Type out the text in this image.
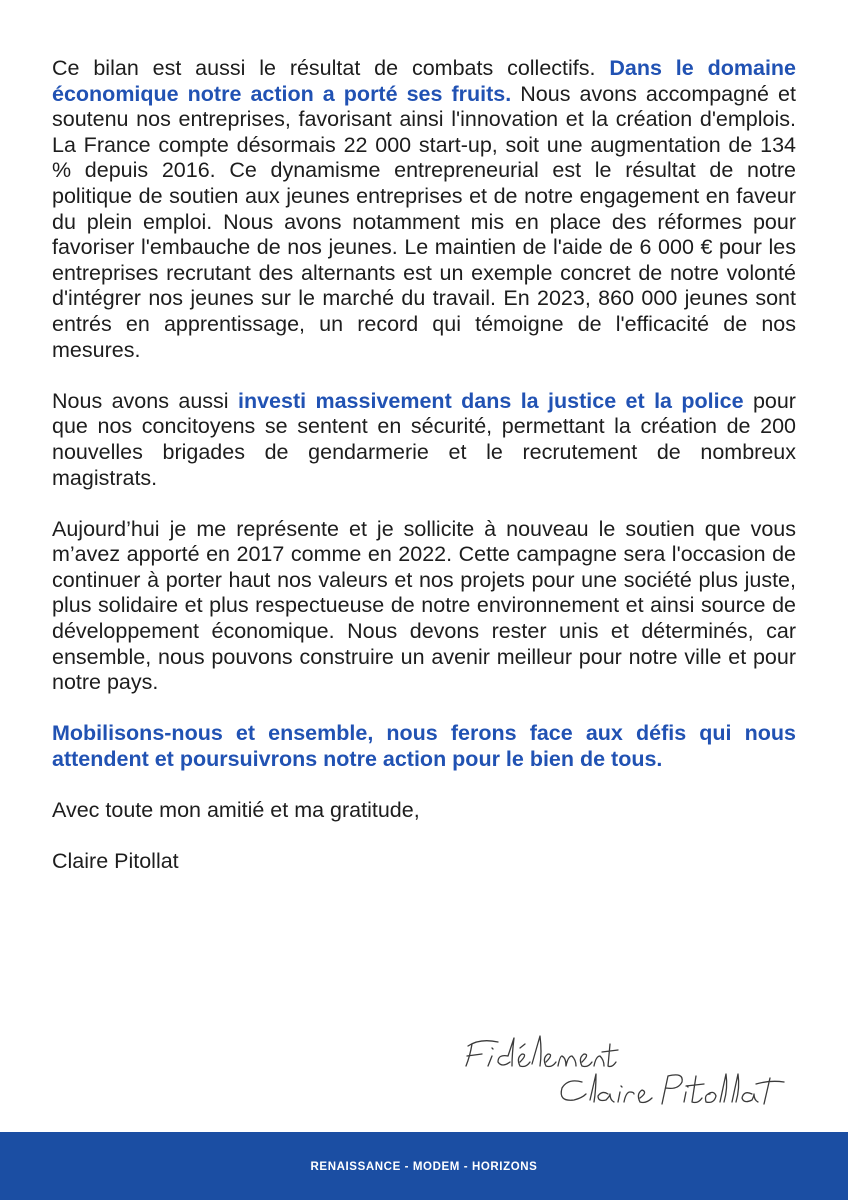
Ce bilan est aussi le résultat de combats collectifs. Dans le domaine économique notre action a porté ses fruits. Nous avons accompagné et soutenu nos entreprises, favorisant ainsi l'innovation et la création d'emplois. La France compte désormais 22 000 start-up, soit une augmentation de 134 % depuis 2016. Ce dynamisme entrepreneurial est le résultat de notre politique de soutien aux jeunes entreprises et de notre engagement en faveur du plein emploi. Nous avons notamment mis en place des réformes pour favoriser l'embauche de nos jeunes. Le maintien de l'aide de 6 000 € pour les entreprises recrutant des alternants est un exemple concret de notre volonté d'intégrer nos jeunes sur le marché du travail. En 2023, 860 000 jeunes sont entrés en apprentissage, un record qui témoigne de l'efficacité de nos mesures.

Nous avons aussi investi massivement dans la justice et la police pour que nos concitoyens se sentent en sécurité, permettant la création de 200 nouvelles brigades de gendarmerie et le recrutement de nombreux magistrats.

Aujourd’hui je me représente et je sollicite à nouveau le soutien que vous m’avez apporté en 2017 comme en 2022. Cette campagne sera l'occasion de continuer à porter haut nos valeurs et nos projets pour une société plus juste, plus solidaire et plus respectueuse de notre environnement et ainsi source de développement économique. Nous devons rester unis et déterminés, car ensemble, nous pouvons construire un avenir meilleur pour notre ville et pour notre pays.

Mobilisons-nous et ensemble, nous ferons face aux défis qui nous attendent et poursuivrons notre action pour le bien de tous.

Avec toute mon amitié et ma gratitude,

Claire Pitollat

RENAISSANCE - MODEM - HORIZONS
